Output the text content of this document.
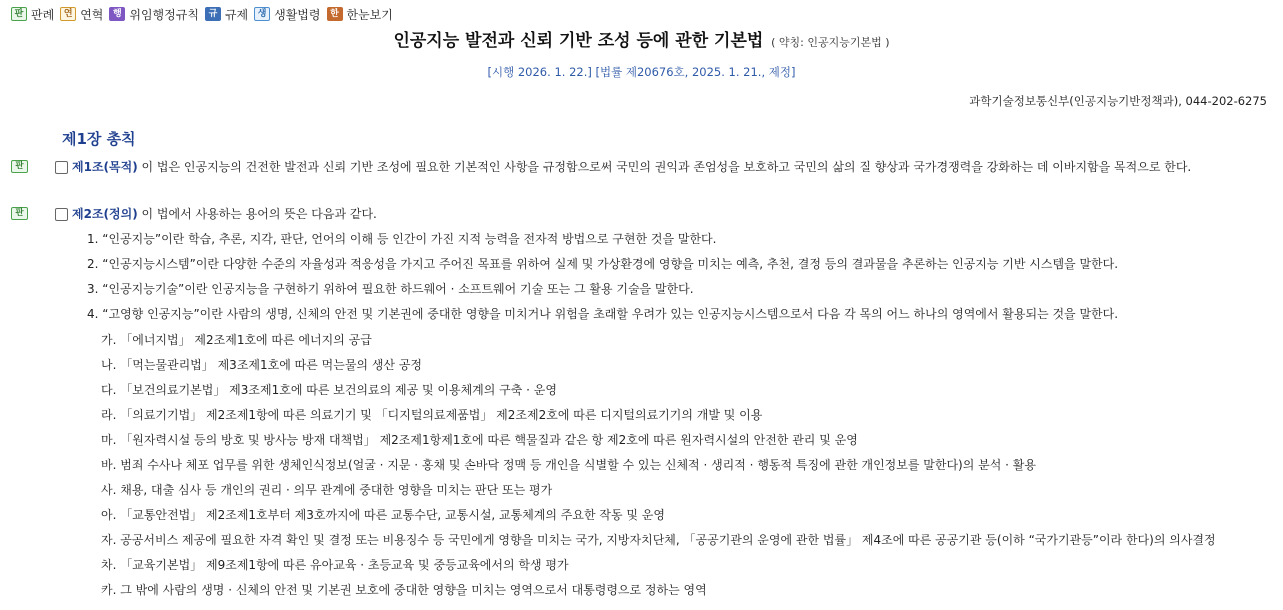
판 판례	연 연혁	행 위임행정규칙	규 규제	생 생활법령	한 한눈보기
인공지능 발전과 신뢰 기반 조성 등에 관한 기본법 ( 약칭: 인공지능기본법 )
[시행 2026. 1. 22.] [법률 제20676호, 2025. 1. 21., 제정]
과학기술정보통신부(인공지능기반정책과), 044-202-6275
제1장 총칙
판	제1조(목적) 이 법은 인공지능의 건전한 발전과 신뢰 기반 조성에 필요한 기본적인 사항을 규정함으로써 국민의 권익과 존엄성을 보호하고 국민의 삶의 질 향상과 국가경쟁력을 강화하는 데 이바지함을 목적으로 한다.
판	제2조(정의) 이 법에서 사용하는 용어의 뜻은 다음과 같다.
1. “인공지능”이란 학습, 추론, 지각, 판단, 언어의 이해 등 인간이 가진 지적 능력을 전자적 방법으로 구현한 것을 말한다.
2. “인공지능시스템”이란 다양한 수준의 자율성과 적응성을 가지고 주어진 목표를 위하여 실제 및 가상환경에 영향을 미치는 예측, 추천, 결정 등의 결과물을 추론하는 인공지능 기반 시스템을 말한다.
3. “인공지능기술”이란 인공지능을 구현하기 위하여 필요한 하드웨어 · 소프트웨어 기술 또는 그 활용 기술을 말한다.
4. “고영향 인공지능”이란 사람의 생명, 신체의 안전 및 기본권에 중대한 영향을 미치거나 위험을 초래할 우려가 있는 인공지능시스템으로서 다음 각 목의 어느 하나의 영역에서 활용되는 것을 말한다.
가. 「에너지법」 제2조제1호에 따른 에너지의 공급
나. 「먹는물관리법」 제3조제1호에 따른 먹는물의 생산 공정
다. 「보건의료기본법」 제3조제1호에 따른 보건의료의 제공 및 이용체계의 구축 · 운영
라. 「의료기기법」 제2조제1항에 따른 의료기기 및 「디지털의료제품법」 제2조제2호에 따른 디지털의료기기의 개발 및 이용
마. 「원자력시설 등의 방호 및 방사능 방재 대책법」 제2조제1항제1호에 따른 핵물질과 같은 항 제2호에 따른 원자력시설의 안전한 관리 및 운영
바. 범죄 수사나 체포 업무를 위한 생체인식정보(얼굴 · 지문 · 홍채 및 손바닥 정맥 등 개인을 식별할 수 있는 신체적 · 생리적 · 행동적 특징에 관한 개인정보를 말한다)의 분석 · 활용
사. 채용, 대출 심사 등 개인의 권리 · 의무 관계에 중대한 영향을 미치는 판단 또는 평가
아. 「교통안전법」 제2조제1호부터 제3호까지에 따른 교통수단, 교통시설, 교통체계의 주요한 작동 및 운영
자. 공공서비스 제공에 필요한 자격 확인 및 결정 또는 비용징수 등 국민에게 영향을 미치는 국가, 지방자치단체, 「공공기관의 운영에 관한 법률」 제4조에 따른 공공기관 등(이하 “국가기관등”이라 한다)의 의사결정
차. 「교육기본법」 제9조제1항에 따른 유아교육 · 초등교육 및 중등교육에서의 학생 평가
카. 그 밖에 사람의 생명 · 신체의 안전 및 기본권 보호에 중대한 영향을 미치는 영역으로서 대통령령으로 정하는 영역
